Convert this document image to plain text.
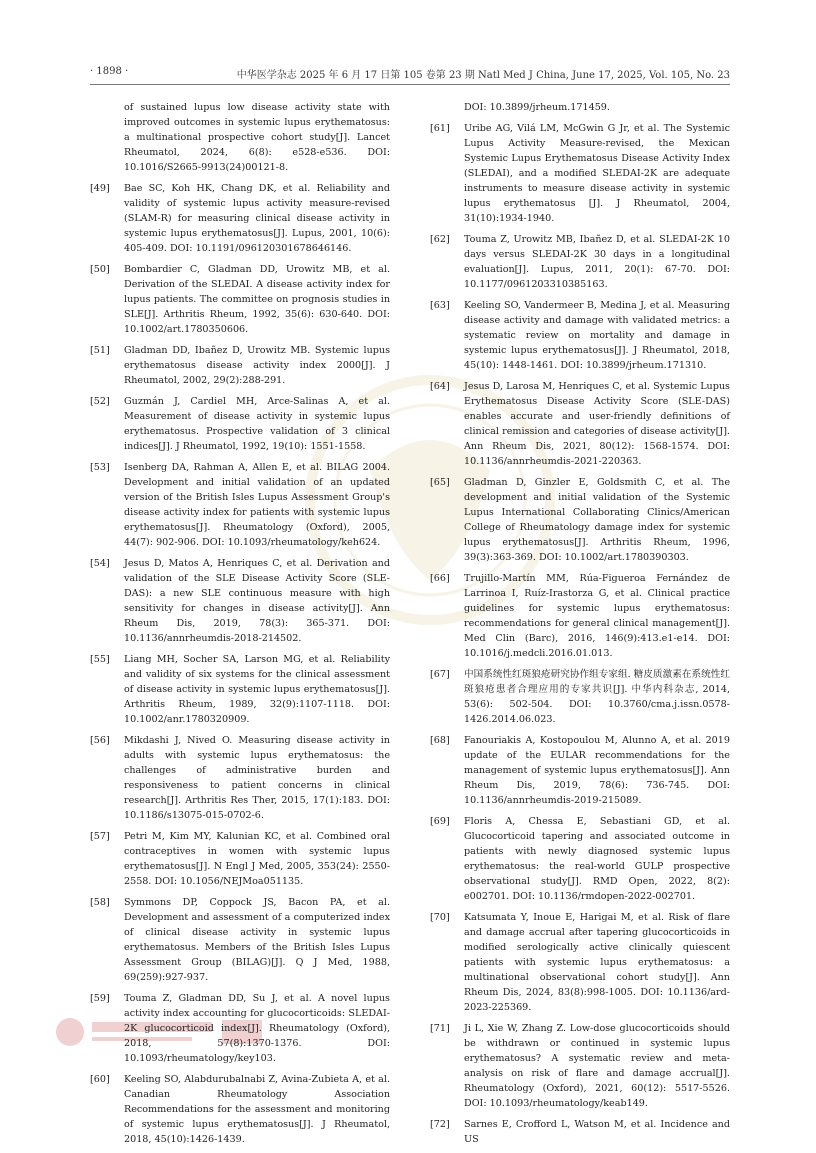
· 1898 ·	中华医学杂志 2025 年 6 月 17 日第 105 卷第 23 期 Natl Med J China, June 17, 2025, Vol. 105, No. 23
of sustained lupus low disease activity state with improved outcomes in systemic lupus erythematosus: a multinational prospective cohort study[J]. Lancet Rheumatol, 2024, 6(8): e528-e536. DOI: 10.1016/S2665-9913(24)00121-8.
[49] Bae SC, Koh HK, Chang DK, et al. Reliability and validity of systemic lupus activity measure-revised (SLAM-R) for measuring clinical disease activity in systemic lupus erythematosus[J]. Lupus, 2001, 10(6): 405-409. DOI: 10.1191/096120301678646146.
[50] Bombardier C, Gladman DD, Urowitz MB, et al. Derivation of the SLEDAI. A disease activity index for lupus patients. The committee on prognosis studies in SLE[J]. Arthritis Rheum, 1992, 35(6): 630-640. DOI: 10.1002/art.1780350606.
[51] Gladman DD, Ibañez D, Urowitz MB. Systemic lupus erythematosus disease activity index 2000[J]. J Rheumatol, 2002, 29(2):288-291.
[52] Guzmán J, Cardiel MH, Arce-Salinas A, et al. Measurement of disease activity in systemic lupus erythematosus. Prospective validation of 3 clinical indices[J]. J Rheumatol, 1992, 19(10): 1551-1558.
[53] Isenberg DA, Rahman A, Allen E, et al. BILAG 2004. Development and initial validation of an updated version of the British Isles Lupus Assessment Group's disease activity index for patients with systemic lupus erythematosus[J]. Rheumatology (Oxford), 2005, 44(7): 902-906. DOI: 10.1093/rheumatology/keh624.
[54] Jesus D, Matos A, Henriques C, et al. Derivation and validation of the SLE Disease Activity Score (SLE-DAS): a new SLE continuous measure with high sensitivity for changes in disease activity[J]. Ann Rheum Dis, 2019, 78(3): 365-371. DOI: 10.1136/annrheumdis-2018-214502.
[55] Liang MH, Socher SA, Larson MG, et al. Reliability and validity of six systems for the clinical assessment of disease activity in systemic lupus erythematosus[J]. Arthritis Rheum, 1989, 32(9):1107-1118. DOI: 10.1002/anr.1780320909.
[56] Mikdashi J, Nived O. Measuring disease activity in adults with systemic lupus erythematosus: the challenges of administrative burden and responsiveness to patient concerns in clinical research[J]. Arthritis Res Ther, 2015, 17(1):183. DOI: 10.1186/s13075-015-0702-6.
[57] Petri M, Kim MY, Kalunian KC, et al. Combined oral contraceptives in women with systemic lupus erythematosus[J]. N Engl J Med, 2005, 353(24): 2550-2558. DOI: 10.1056/NEJMoa051135.
[58] Symmons DP, Coppock JS, Bacon PA, et al. Development and assessment of a computerized index of clinical disease activity in systemic lupus erythematosus. Members of the British Isles Lupus Assessment Group (BILAG)[J]. Q J Med, 1988, 69(259):927-937.
[59] Touma Z, Gladman DD, Su J, et al. A novel lupus activity index accounting for glucocorticoids: SLEDAI-2K glucocorticoid index[J]. Rheumatology (Oxford), 2018, 57(8):1370-1376. DOI: 10.1093/rheumatology/key103.
[60] Keeling SO, Alabdurubalnabi Z, Avina-Zubieta A, et al. Canadian Rheumatology Association Recommendations for the assessment and monitoring of systemic lupus erythematosus[J]. J Rheumatol, 2018, 45(10):1426-1439.
DOI: 10.3899/jrheum.171459.
[61] Uribe AG, Vilá LM, McGwin G Jr, et al. The Systemic Lupus Activity Measure-revised, the Mexican Systemic Lupus Erythematosus Disease Activity Index (SLEDAI), and a modified SLEDAI-2K are adequate instruments to measure disease activity in systemic lupus erythematosus [J]. J Rheumatol, 2004, 31(10):1934-1940.
[62] Touma Z, Urowitz MB, Ibañez D, et al. SLEDAI-2K 10 days versus SLEDAI-2K 30 days in a longitudinal evaluation[J]. Lupus, 2011, 20(1): 67-70. DOI: 10.1177/0961203310385163.
[63] Keeling SO, Vandermeer B, Medina J, et al. Measuring disease activity and damage with validated metrics: a systematic review on mortality and damage in systemic lupus erythematosus[J]. J Rheumatol, 2018, 45(10): 1448-1461. DOI: 10.3899/jrheum.171310.
[64] Jesus D, Larosa M, Henriques C, et al. Systemic Lupus Erythematosus Disease Activity Score (SLE-DAS) enables accurate and user-friendly definitions of clinical remission and categories of disease activity[J]. Ann Rheum Dis, 2021, 80(12): 1568-1574. DOI: 10.1136/annrheumdis-2021-220363.
[65] Gladman D, Ginzler E, Goldsmith C, et al. The development and initial validation of the Systemic Lupus International Collaborating Clinics/American College of Rheumatology damage index for systemic lupus erythematosus[J]. Arthritis Rheum, 1996, 39(3):363-369. DOI: 10.1002/art.1780390303.
[66] Trujillo-Martín MM, Rúa-Figueroa Fernández de Larrinoa I, Ruíz-Irastorza G, et al. Clinical practice guidelines for systemic lupus erythematosus: recommendations for general clinical management[J]. Med Clin (Barc), 2016, 146(9):413.e1-e14. DOI: 10.1016/j.medcli.2016.01.013.
[67] 中国系统性红斑狼疮研究协作组专家组. 糖皮质激素在系统性红斑狼疮患者合理应用的专家共识[J]. 中华内科杂志, 2014, 53(6): 502-504. DOI: 10.3760/cma.j.issn.0578-1426.2014.06.023.
[68] Fanouriakis A, Kostopoulou M, Alunno A, et al. 2019 update of the EULAR recommendations for the management of systemic lupus erythematosus[J]. Ann Rheum Dis, 2019, 78(6): 736-745. DOI: 10.1136/annrheumdis-2019-215089.
[69] Floris A, Chessa E, Sebastiani GD, et al. Glucocorticoid tapering and associated outcome in patients with newly diagnosed systemic lupus erythematosus: the real-world GULP prospective observational study[J]. RMD Open, 2022, 8(2): e002701. DOI: 10.1136/rmdopen-2022-002701.
[70] Katsumata Y, Inoue E, Harigai M, et al. Risk of flare and damage accrual after tapering glucocorticoids in modified serologically active clinically quiescent patients with systemic lupus erythematosus: a multinational observational cohort study[J]. Ann Rheum Dis, 2024, 83(8):998-1005. DOI: 10.1136/ard-2023-225369.
[71] Ji L, Xie W, Zhang Z. Low-dose glucocorticoids should be withdrawn or continued in systemic lupus erythematosus? A systematic review and meta-analysis on risk of flare and damage accrual[J]. Rheumatology (Oxford), 2021, 60(12): 5517-5526. DOI: 10.1093/rheumatology/keab149.
[72] Sarnes E, Crofford L, Watson M, et al. Incidence and US
